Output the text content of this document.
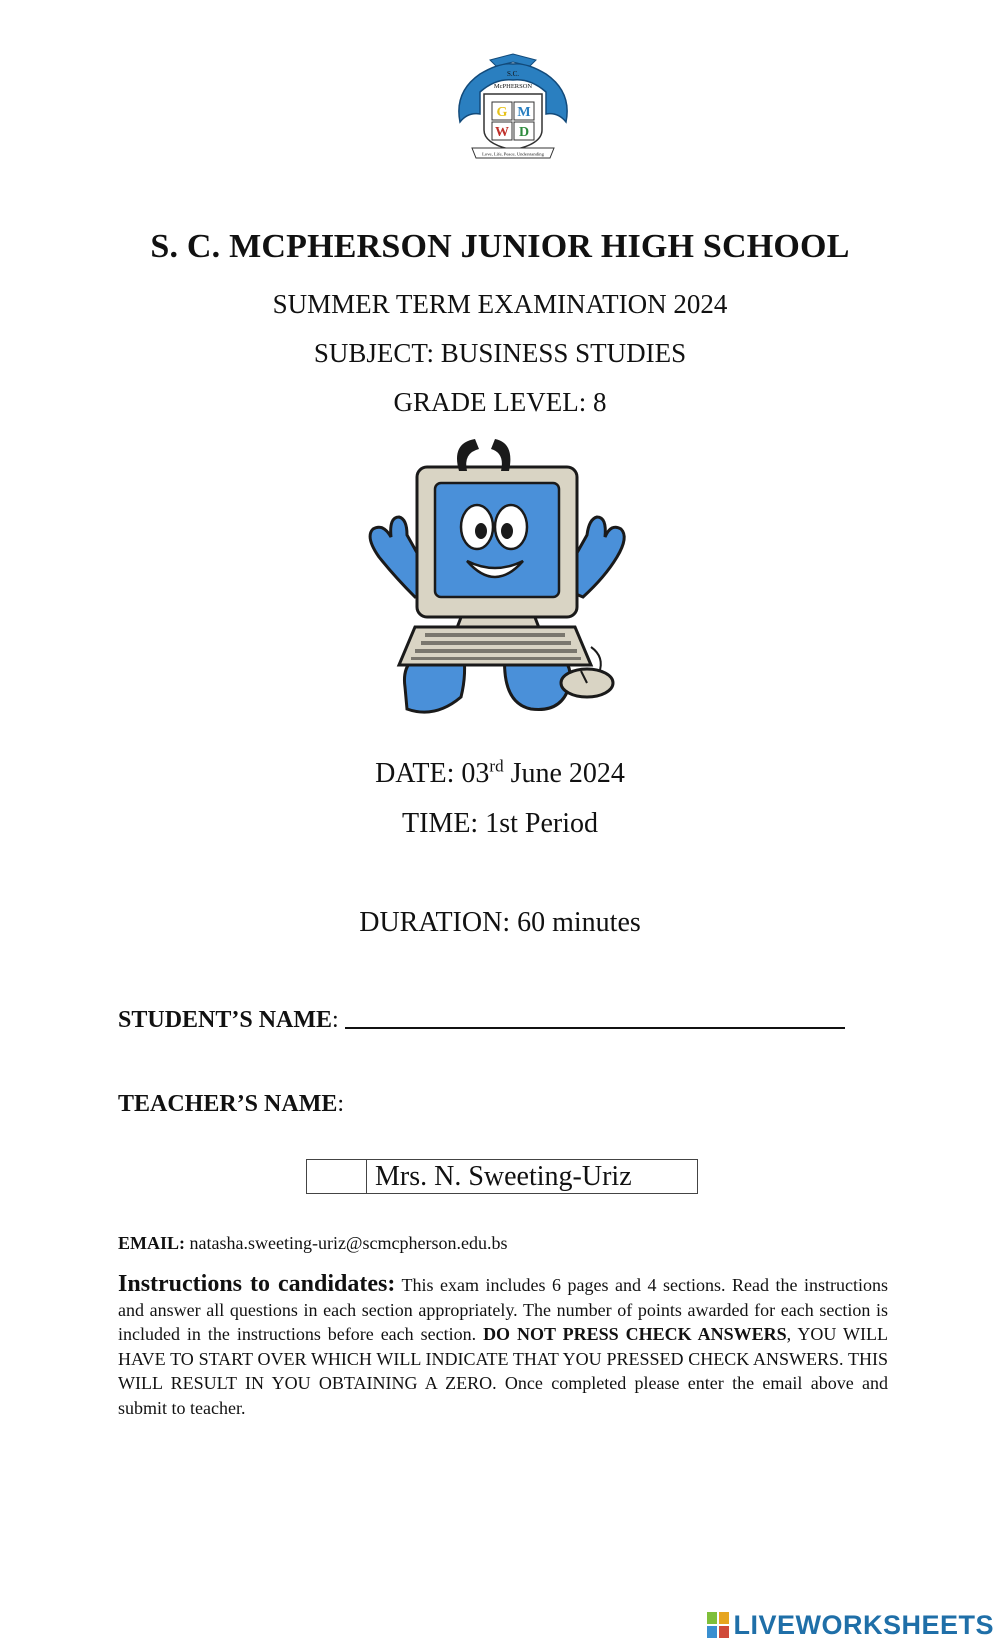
S.C.
McPHERSON
G M
W D
Love, Life, Peace, Understanding
S. C. MCPHERSON JUNIOR HIGH SCHOOL
SUMMER TERM EXAMINATION 2024
SUBJECT: BUSINESS STUDIES
GRADE LEVEL: 8
DATE: 03rd June 2024
TIME: 1st Period
DURATION: 60 minutes
STUDENT’S NAME:
TEACHER’S NAME:
Mrs. N. Sweeting-Uriz
EMAIL: natasha.sweeting-uriz@scmcpherson.edu.bs
Instructions to candidates: This exam includes 6 pages and 4 sections. Read the instructions and answer all questions in each section appropriately. The number of points awarded for each section is included in the instructions before each section. DO NOT PRESS CHECK ANSWERS, YOU WILL HAVE TO START OVER WHICH WILL INDICATE THAT YOU PRESSED CHECK ANSWERS. THIS WILL RESULT IN YOU OBTAINING A ZERO. Once completed please enter the email above and submit to teacher.
LIVEWORKSHEETS
